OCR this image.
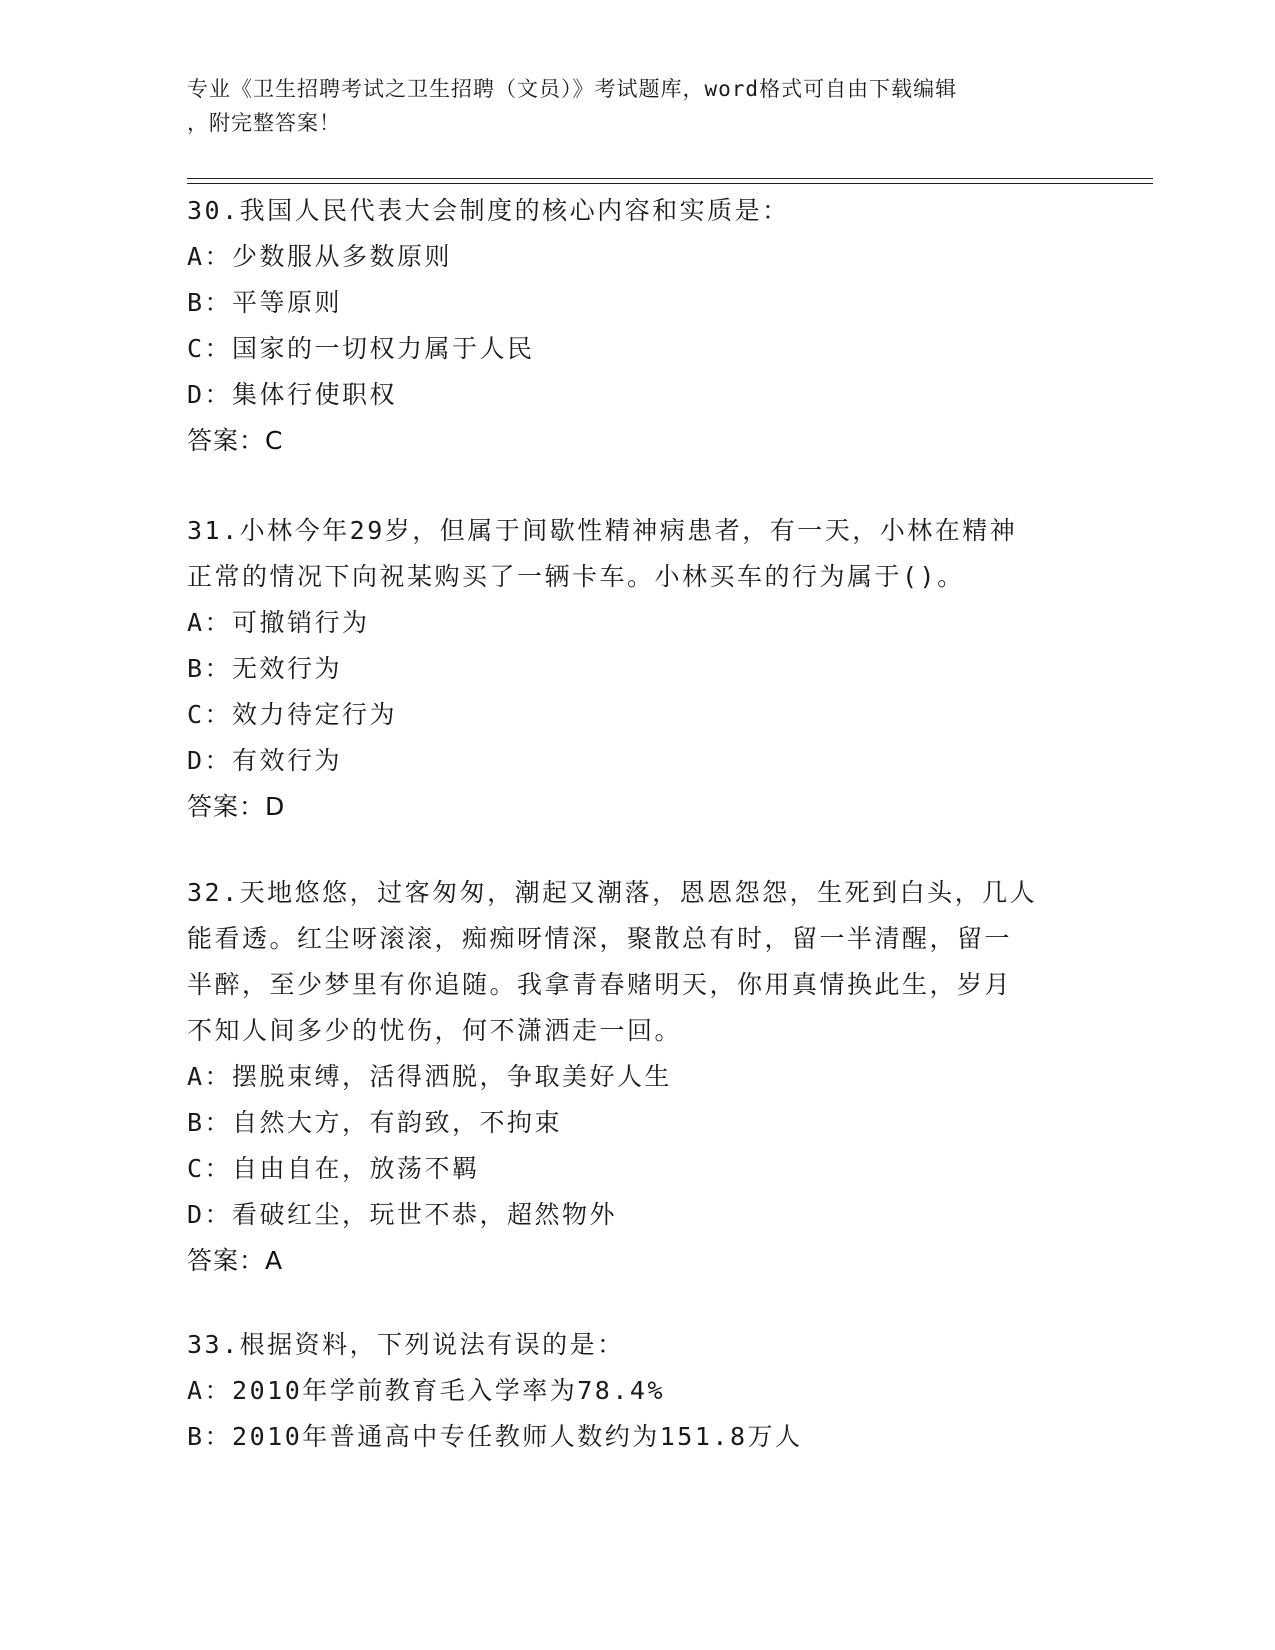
专业《卫生招聘考试之卫生招聘（文员）》考试题库，word格式可自由下载编辑
，附完整答案！
30.我国人民代表大会制度的核心内容和实质是：
A：少数服从多数原则
B：平等原则
C：国家的一切权力属于人民
D：集体行使职权
答案：C
31.小林今年29岁，但属于间歇性精神病患者，有一天，小林在精神
正常的情况下向祝某购买了一辆卡车。小林买车的行为属于()。
A：可撤销行为
B：无效行为
C：效力待定行为
D：有效行为
答案：D
32.天地悠悠，过客匆匆，潮起又潮落，恩恩怨怨，生死到白头，几人
能看透。红尘呀滚滚，痴痴呀情深，聚散总有时，留一半清醒，留一
半醉，至少梦里有你追随。我拿青春赌明天，你用真情换此生，岁月
不知人间多少的忧伤，何不潇洒走一回。
A：摆脱束缚，活得洒脱，争取美好人生
B：自然大方，有韵致，不拘束
C：自由自在，放荡不羁
D：看破红尘，玩世不恭，超然物外
答案：A
33.根据资料，下列说法有误的是：
A：2010年学前教育毛入学率为78.4%
B：2010年普通高中专任教师人数约为151.8万人
